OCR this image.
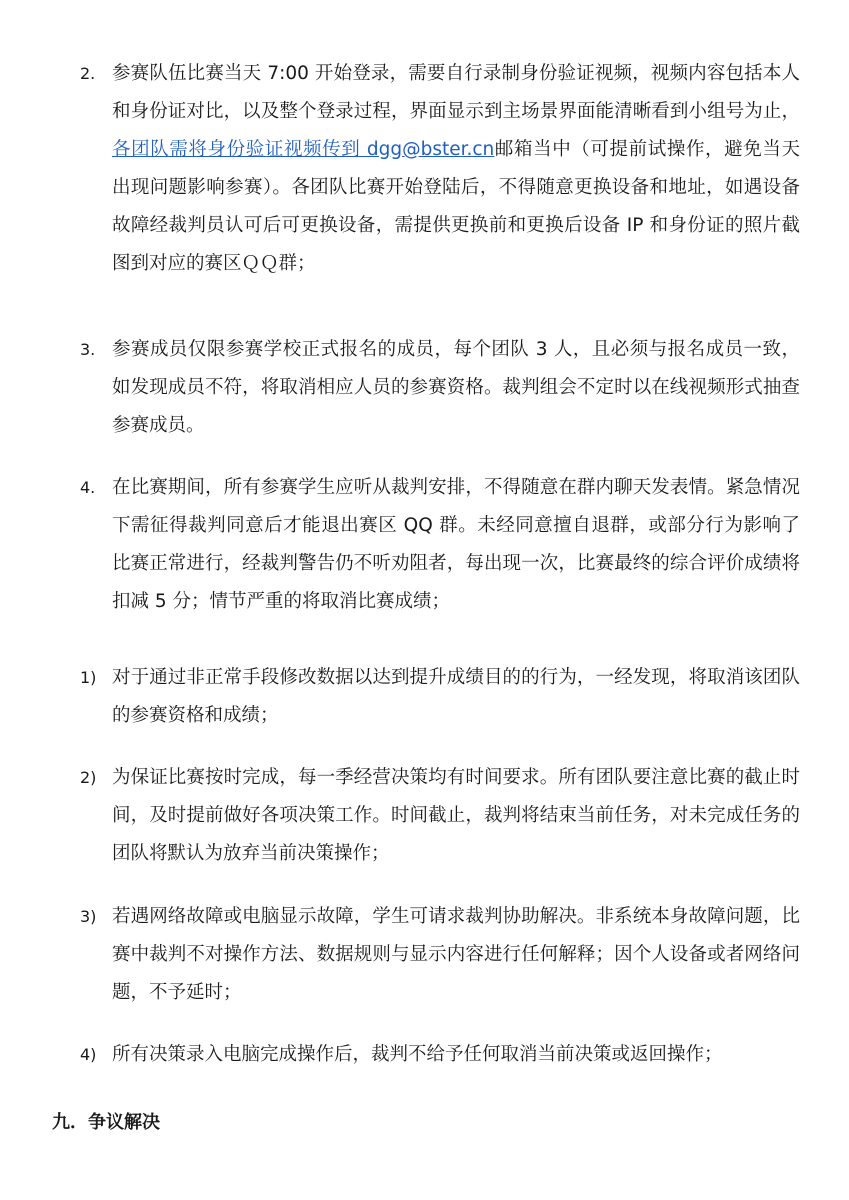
2. 参赛队伍比赛当天 7:00 开始登录，需要自行录制身份验证视频，视频内容包括本人和身份证对比，以及整个登录过程，界面显示到主场景界面能清晰看到小组号为止，各团队需将身份验证视频传到 dgg@bster.cn邮箱当中（可提前试操作，避免当天出现问题影响参赛）。各团队比赛开始登陆后，不得随意更换设备和地址，如遇设备故障经裁判员认可后可更换设备，需提供更换前和更换后设备 IP 和身份证的照片截图到对应的赛区ＱＱ群；
3. 参赛成员仅限参赛学校正式报名的成员，每个团队 3 人，且必须与报名成员一致，如发现成员不符，将取消相应人员的参赛资格。裁判组会不定时以在线视频形式抽查参赛成员。
4. 在比赛期间，所有参赛学生应听从裁判安排，不得随意在群内聊天发表情。紧急情况下需征得裁判同意后才能退出赛区 QQ 群。未经同意擅自退群，或部分行为影响了比赛正常进行，经裁判警告仍不听劝阻者，每出现一次，比赛最终的综合评价成绩将扣减 5 分；情节严重的将取消比赛成绩；
1) 对于通过非正常手段修改数据以达到提升成绩目的的行为，一经发现，将取消该团队的参赛资格和成绩；
2) 为保证比赛按时完成，每一季经营决策均有时间要求。所有团队要注意比赛的截止时间，及时提前做好各项决策工作。时间截止，裁判将结束当前任务，对未完成任务的团队将默认为放弃当前决策操作；
3) 若遇网络故障或电脑显示故障，学生可请求裁判协助解决。非系统本身故障问题，比赛中裁判不对操作方法、数据规则与显示内容进行任何解释；因个人设备或者网络问题，不予延时；
4) 所有决策录入电脑完成操作后，裁判不给予任何取消当前决策或返回操作；
九．争议解决
